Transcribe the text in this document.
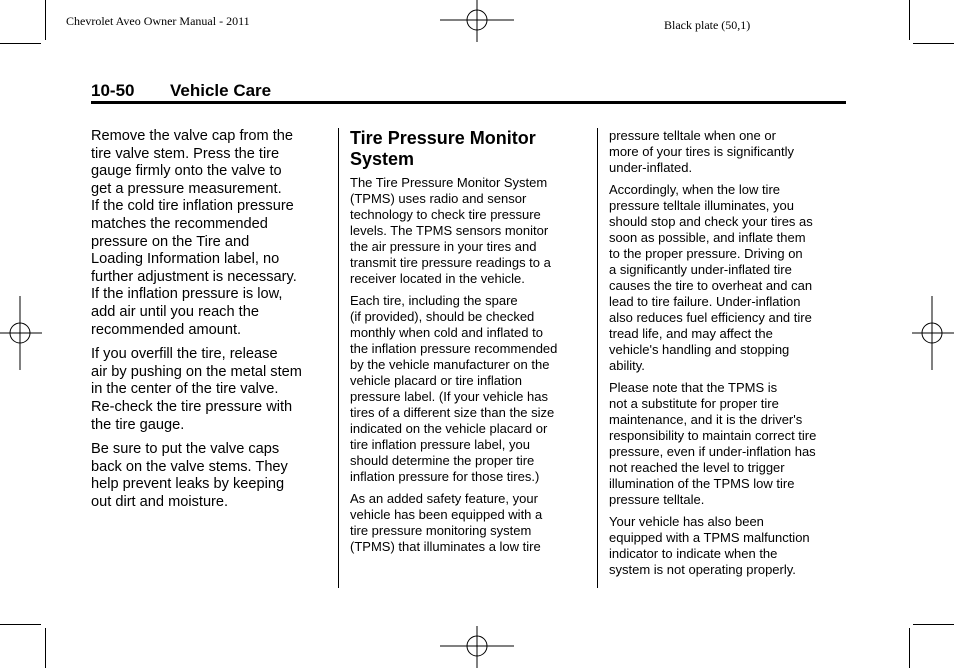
Chevrolet Aveo Owner Manual - 2011	Black plate (50,1)
10-50 Vehicle Care

Remove the valve cap from the
tire valve stem. Press the tire
gauge firmly onto the valve to
get a pressure measurement.
If the cold tire inflation pressure
matches the recommended
pressure on the Tire and
Loading Information label, no
further adjustment is necessary.
If the inflation pressure is low,
add air until you reach the
recommended amount.

If you overfill the tire, release
air by pushing on the metal stem
in the center of the tire valve.
Re-check the tire pressure with
the tire gauge.

Be sure to put the valve caps
back on the valve stems. They
help prevent leaks by keeping
out dirt and moisture.

Tire Pressure Monitor
System

The Tire Pressure Monitor System
(TPMS) uses radio and sensor
technology to check tire pressure
levels. The TPMS sensors monitor
the air pressure in your tires and
transmit tire pressure readings to a
receiver located in the vehicle.

Each tire, including the spare
(if provided), should be checked
monthly when cold and inflated to
the inflation pressure recommended
by the vehicle manufacturer on the
vehicle placard or tire inflation
pressure label. (If your vehicle has
tires of a different size than the size
indicated on the vehicle placard or
tire inflation pressure label, you
should determine the proper tire
inflation pressure for those tires.)

As an added safety feature, your
vehicle has been equipped with a
tire pressure monitoring system
(TPMS) that illuminates a low tire

pressure telltale when one or
more of your tires is significantly
under-inflated.

Accordingly, when the low tire
pressure telltale illuminates, you
should stop and check your tires as
soon as possible, and inflate them
to the proper pressure. Driving on
a significantly under-inflated tire
causes the tire to overheat and can
lead to tire failure. Under-inflation
also reduces fuel efficiency and tire
tread life, and may affect the
vehicle's handling and stopping
ability.

Please note that the TPMS is
not a substitute for proper tire
maintenance, and it is the driver's
responsibility to maintain correct tire
pressure, even if under-inflation has
not reached the level to trigger
illumination of the TPMS low tire
pressure telltale.

Your vehicle has also been
equipped with a TPMS malfunction
indicator to indicate when the
system is not operating properly.
